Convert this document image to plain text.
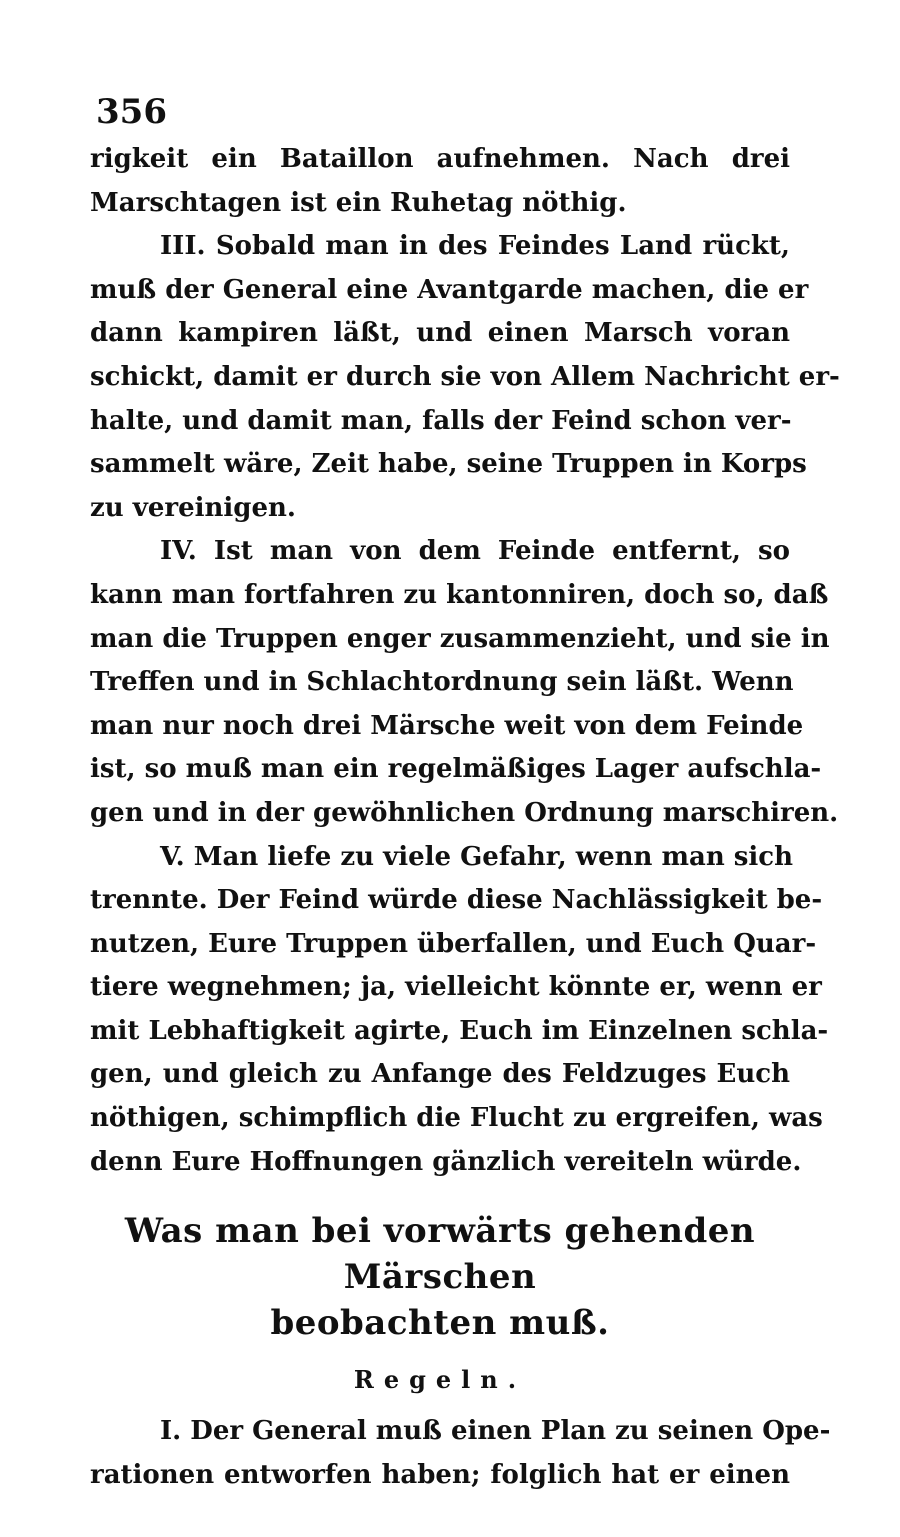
356
rigkeit ein Bataillon aufnehmen. Nach drei
Marschtagen ist ein Ruhetag nöthig.
III. Sobald man in des Feindes Land rückt,
muß der General eine Avantgarde machen, die er
dann kampiren läßt, und einen Marsch voran
schickt, damit er durch sie von Allem Nachricht er-
halte, und damit man, falls der Feind schon ver-
sammelt wäre, Zeit habe, seine Truppen in Korps
zu vereinigen.
IV. Ist man von dem Feinde entfernt, so
kann man fortfahren zu kantonniren, doch so, daß
man die Truppen enger zusammenzieht, und sie in
Treffen und in Schlachtordnung sein läßt. Wenn
man nur noch drei Märsche weit von dem Feinde
ist, so muß man ein regelmäßiges Lager aufschla-
gen und in der gewöhnlichen Ordnung marschiren.
V. Man liefe zu viele Gefahr, wenn man sich
trennte. Der Feind würde diese Nachlässigkeit be-
nutzen, Eure Truppen überfallen, und Euch Quar-
tiere wegnehmen; ja, vielleicht könnte er, wenn er
mit Lebhaftigkeit agirte, Euch im Einzelnen schla-
gen, und gleich zu Anfange des Feldzuges Euch
nöthigen, schimpflich die Flucht zu ergreifen, was
denn Eure Hoffnungen gänzlich vereiteln würde.
Was man bei vorwärts gehenden Märschen
beobachten muß.
Regeln.
I. Der General muß einen Plan zu seinen Ope-
rationen entworfen haben; folglich hat er einen
